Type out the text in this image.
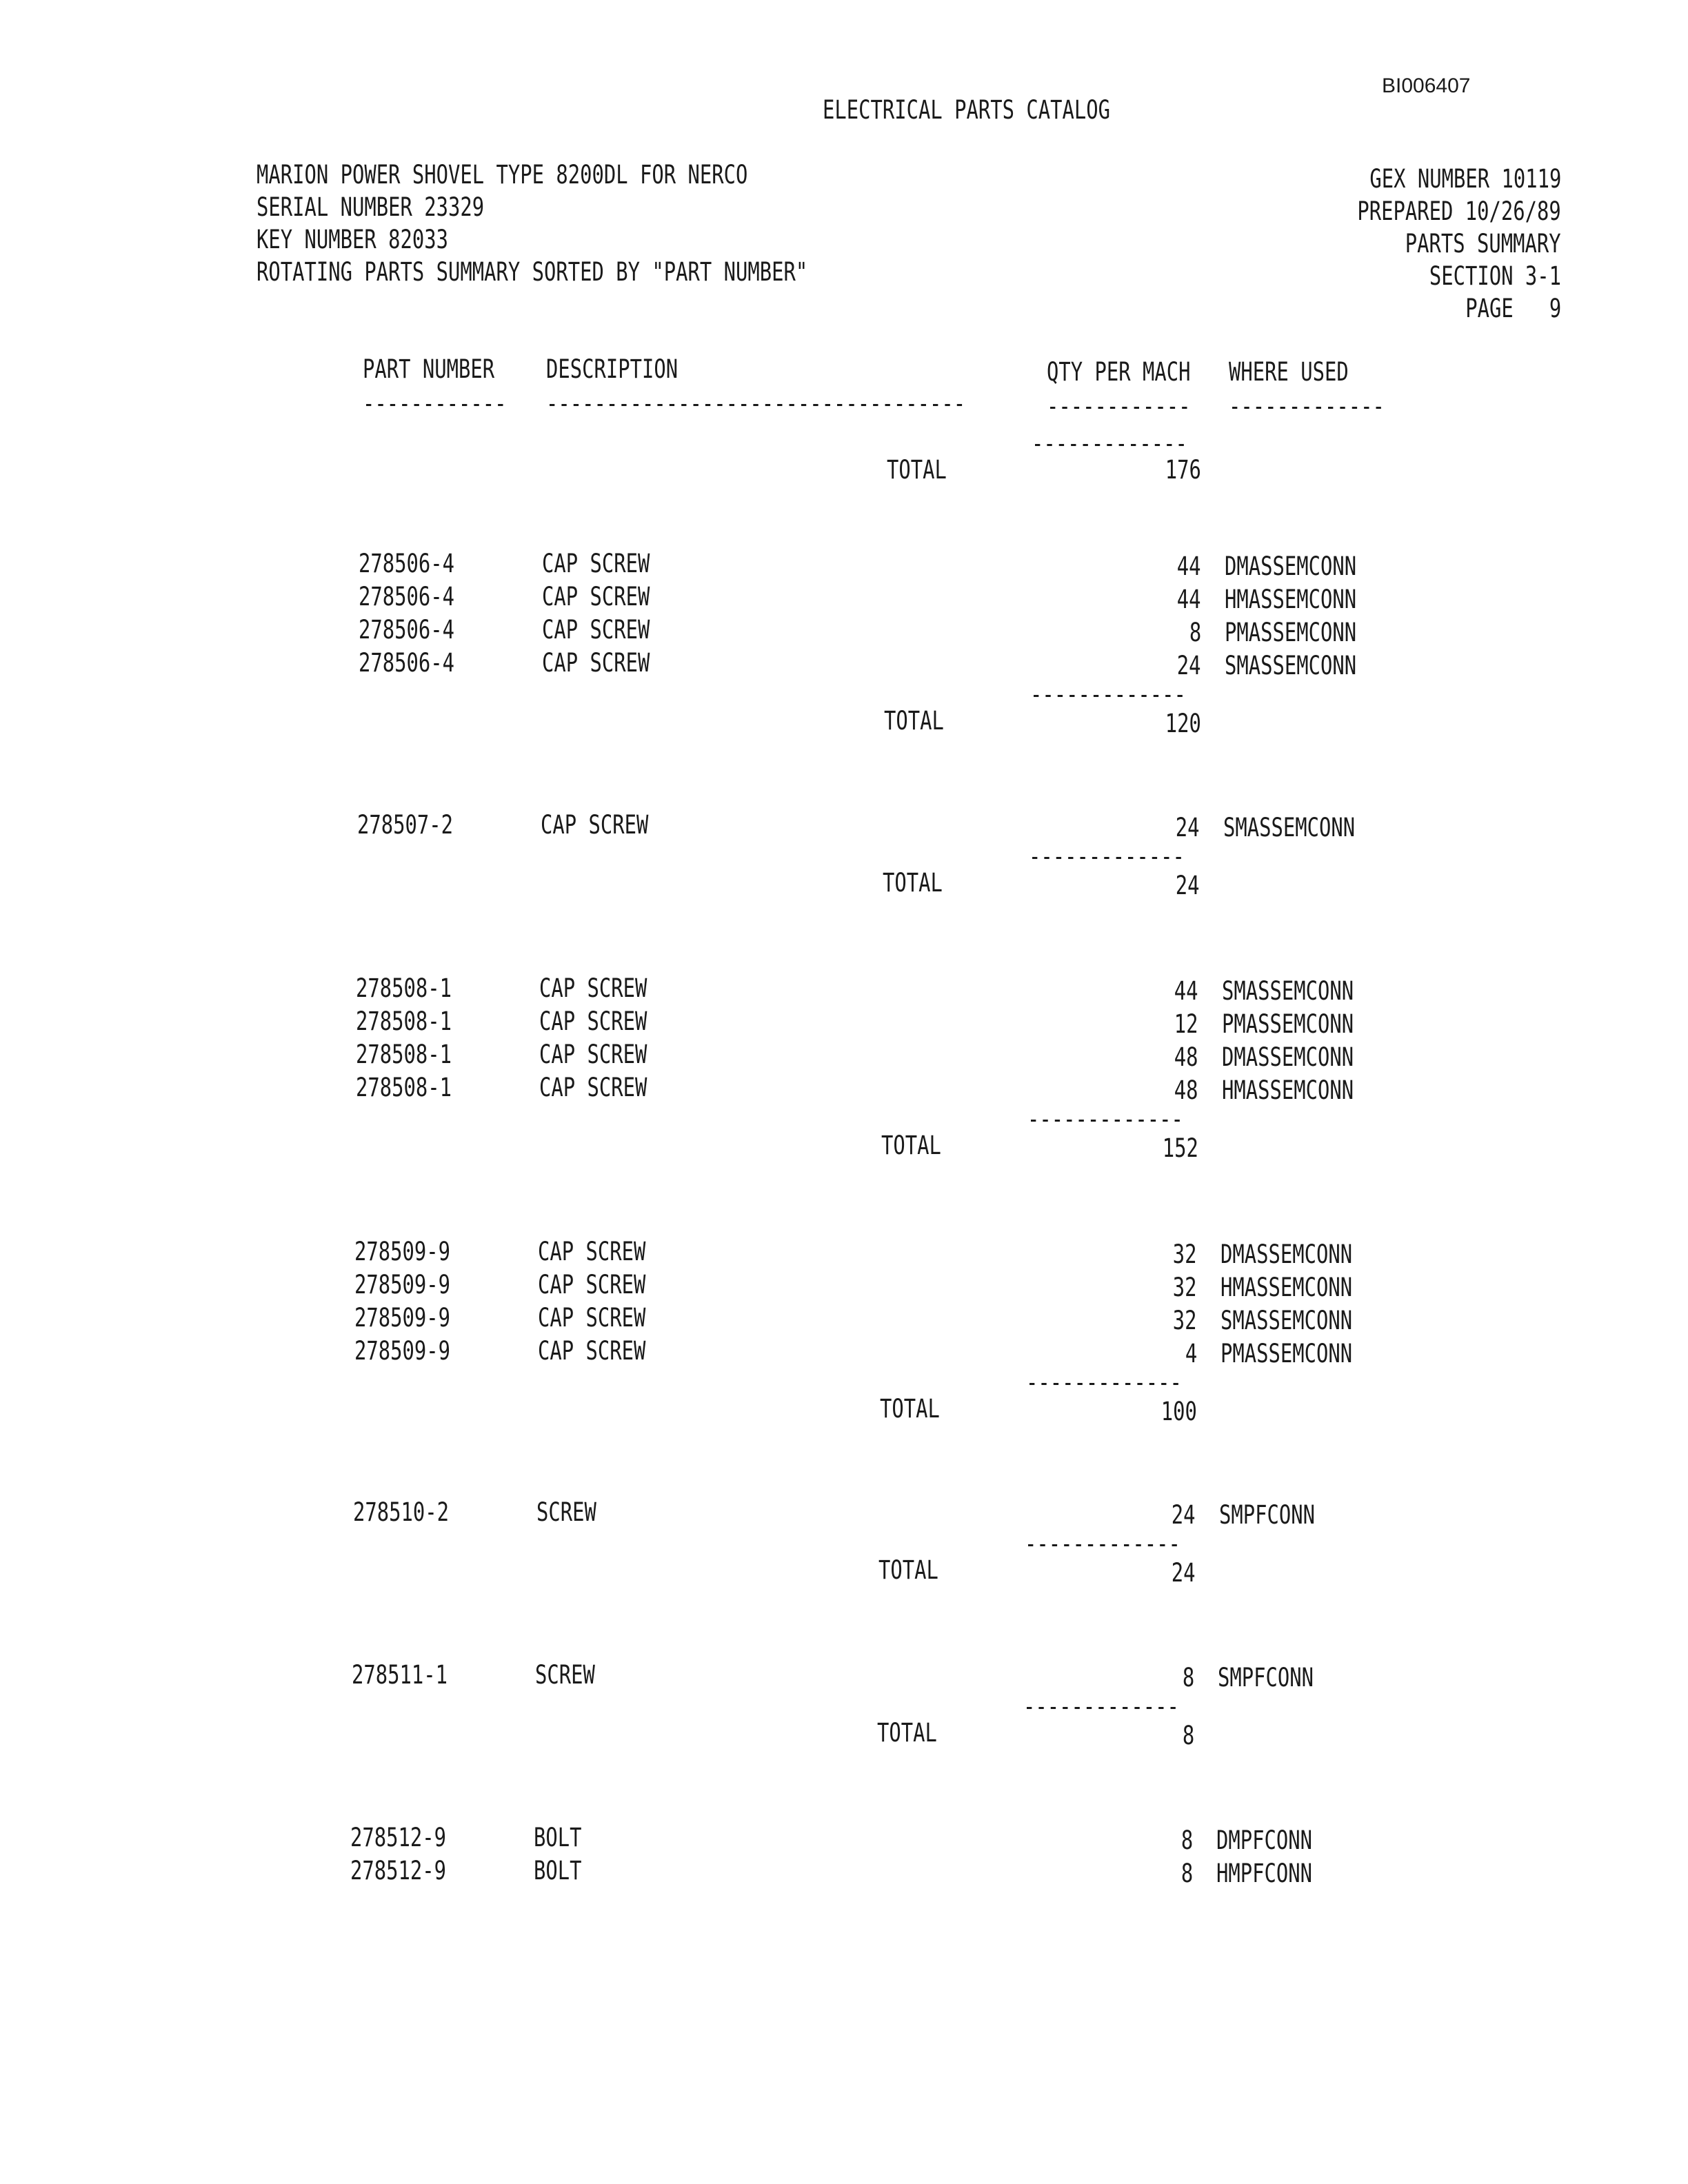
BI006407
ELECTRICAL PARTS CATALOG
MARION POWER SHOVEL TYPE 8200DL FOR NERCO
SERIAL NUMBER 23329
KEY NUMBER 82033
ROTATING PARTS SUMMARY SORTED BY "PART NUMBER"
GEX NUMBER 10119
PREPARED 10/26/89
PARTS SUMMARY
SECTION 3-1
PAGE   9
PART NUMBER DESCRIPTION	QTY PER MACH WHERE USED
------------ -----------------------------------	------------ -------------
-------------
TOTAL	176
278506-4	CAP SCREW	44 DMASSEMCONN
278506-4	CAP SCREW	44 HMASSEMCONN
278506-4	CAP SCREW	8 PMASSEMCONN
278506-4	CAP SCREW	24 SMASSEMCONN
-------------
TOTAL	120
278507-2	CAP SCREW	24 SMASSEMCONN
-------------
TOTAL	24
278508-1	CAP SCREW	44 SMASSEMCONN
278508-1	CAP SCREW	12 PMASSEMCONN
278508-1	CAP SCREW	48 DMASSEMCONN
278508-1	CAP SCREW	48 HMASSEMCONN
-------------
TOTAL	152
278509-9	CAP SCREW	32 DMASSEMCONN
278509-9	CAP SCREW	32 HMASSEMCONN
278509-9	CAP SCREW	32 SMASSEMCONN
278509-9	CAP SCREW	4 PMASSEMCONN
-------------
TOTAL	100
278510-2	SCREW	24 SMPFCONN
-------------
TOTAL	24
278511-1	SCREW	8 SMPFCONN
-------------
TOTAL	8
278512-9	BOLT	8 DMPFCONN
278512-9	BOLT	8 HMPFCONN
